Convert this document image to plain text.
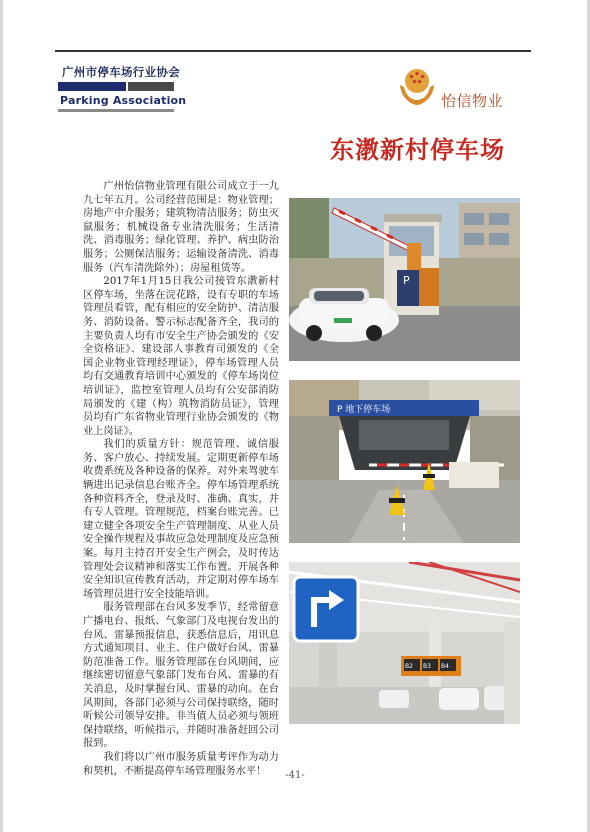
广州市停车场行业协会
Parking Association	怡信物业
东漖新村停车场

广州怡信物业管理有限公司成立于一九九七年五月。公司经营范围是：物业管理；房地产中介服务；建筑物清洁服务；防虫灭鼠服务；机械设备专业清洗服务；生活清洗、消毒服务；绿化管理、养护、病虫防治服务；公厕保洁服务；运输设备清洗、消毒服务（汽车清洗除外）；房屋租赁等。

2017年1月15日我公司接管东漖新村区停车场，坐落在浣花路，设有专职的车场管理员看管，配有相应的安全防护、清洁服务、消防设备、警示标志配备齐全，我司的主要负责人均有市安全生产协会颁发的《安全资格证》、建设部人事教育司颁发的《全国企业物业管理经理证》，停车场管理人员均有交通教育培训中心颁发的《停车场岗位培训证》，监控室管理人员均有公安部消防局颁发的《建（构）筑物消防员证》，管理员均有广东省物业管理行业协会颁发的《物业上岗证》。

我们的质量方针：规范管理、诚信服务、客户放心、持续发展。定期更新停车场收费系统及各种设备的保养。对外来驾驶车辆进出记录信息台账齐全。停车场管理系统各种资料齐全，登录及时、准确、真实，并有专人管理。管理规范，档案台账完善。已建立健全各项安全生产管理制度、从业人员安全操作规程及事故应急处理制度及应急预案。每月主持召开安全生产例会，及时传达管理处会议精神和落实工作布置。开展各种安全知识宣传教育活动，并定期对停车场车场管理员进行安全技能培训。

服务管理部在台风多发季节，经常留意广播电台、报纸、气象部门及电视台发出的台风、雷暴预报信息，获悉信息后，用讯息方式通知项目、业主、住户做好台风、雷暴防范准备工作。服务管理部在台风期间，应继续密切留意气象部门发布台风、雷暴的有关消息，及时掌握台风、雷暴的动向。在台风期间，各部门必须与公司保持联络，随时听候公司领导安排。非当值人员必须与领班保持联络，听候指示，并随时准备赶回公司报到。

我们将以广州市服务质量考评作为动力和契机，不断提高停车场管理服务水平！

P
P 地下停车场
B2 B3 B4
-41-
